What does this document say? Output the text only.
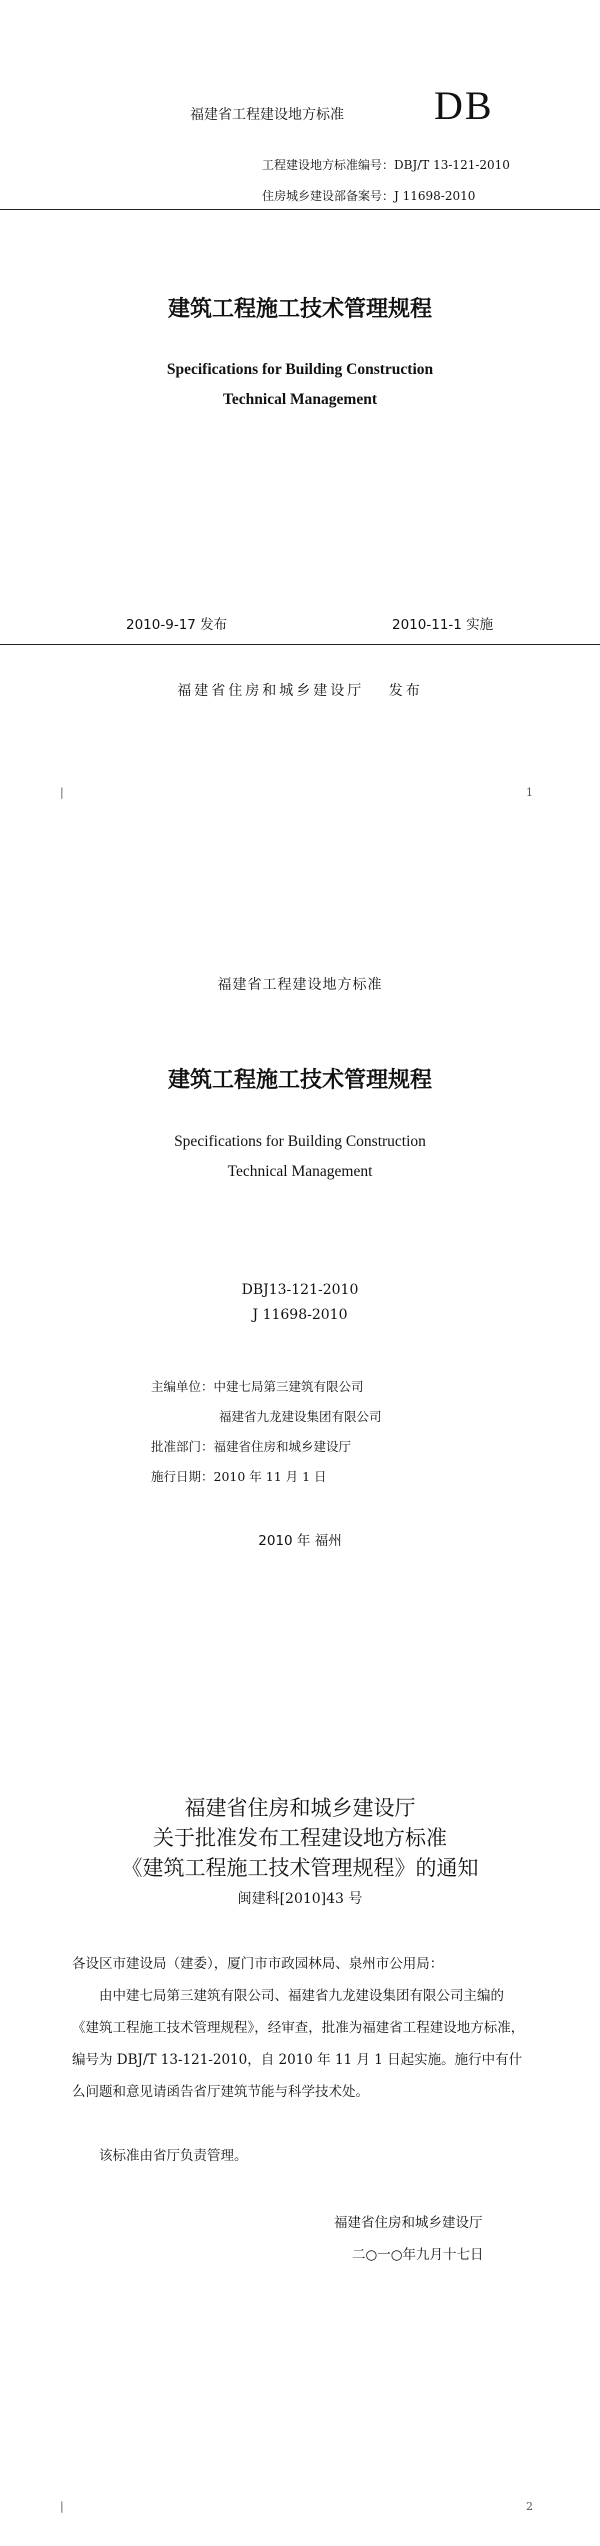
福建省工程建设地方标准 DB
工程建设地方标准编号：DBJ/T 13-121-2010
住房城乡建设部备案号：J 11698-2010
建筑工程施工技术管理规程
Specifications for Building Construction
Technical Management
2010-9-17 发布	2010-11-1 实施
福建省住房和城乡建设厅　 发布
|	1
福建省工程建设地方标准
建筑工程施工技术管理规程
Specifications for Building Construction
Technical Management
DBJ13-121-2010
J 11698-2010
主编单位：中建七局第三建筑有限公司
福建省九龙建设集团有限公司
批准部门：福建省住房和城乡建设厅
施行日期：2010 年 11 月 1 日
2010 年 福州
福建省住房和城乡建设厅
关于批准发布工程建设地方标准
《建筑工程施工技术管理规程》的通知
闽建科[2010]43 号
各设区市建设局（建委），厦门市市政园林局、泉州市公用局：
由中建七局第三建筑有限公司、福建省九龙建设集团有限公司主编的《建筑工程施工技术管理规程》，经审查，批准为福建省工程建设地方标准，编号为 DBJ/T 13-121-2010，自 2010 年 11 月 1 日起实施。施行中有什么问题和意见请函告省厅建筑节能与科学技术处。
该标准由省厅负责管理。
福建省住房和城乡建设厅
二○一○年九月十七日
|	2
